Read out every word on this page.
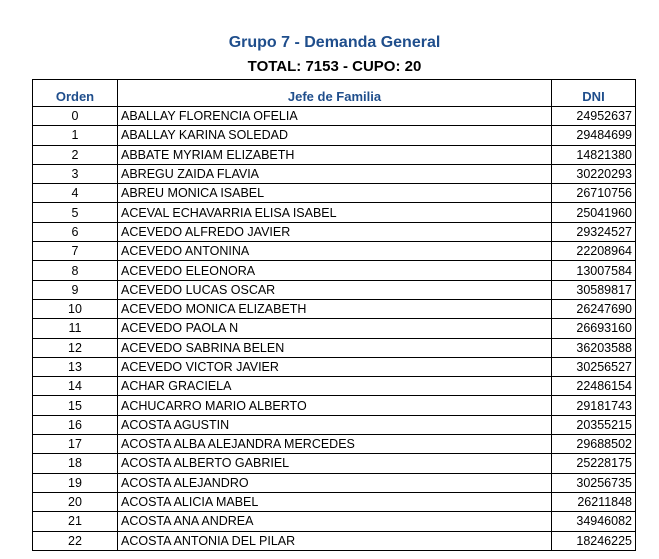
Grupo 7 - Demanda General
TOTAL: 7153 - CUPO: 20
Orden	Jefe de Familia	DNI
0	ABALLAY FLORENCIA OFELIA	24952637
1	ABALLAY KARINA SOLEDAD	29484699
2	ABBATE MYRIAM ELIZABETH	14821380
3	ABREGU ZAIDA FLAVIA	30220293
4	ABREU MONICA ISABEL	26710756
5	ACEVAL ECHAVARRIA ELISA ISABEL	25041960
6	ACEVEDO ALFREDO JAVIER	29324527
7	ACEVEDO ANTONINA	22208964
8	ACEVEDO ELEONORA	13007584
9	ACEVEDO LUCAS OSCAR	30589817
10	ACEVEDO MONICA ELIZABETH	26247690
11	ACEVEDO PAOLA N	26693160
12	ACEVEDO SABRINA BELEN	36203588
13	ACEVEDO VICTOR JAVIER	30256527
14	ACHAR GRACIELA	22486154
15	ACHUCARRO MARIO ALBERTO	29181743
16	ACOSTA AGUSTIN	20355215
17	ACOSTA ALBA ALEJANDRA MERCEDES	29688502
18	ACOSTA ALBERTO GABRIEL	25228175
19	ACOSTA ALEJANDRO	30256735
20	ACOSTA ALICIA MABEL	26211848
21	ACOSTA ANA ANDREA	34946082
22	ACOSTA ANTONIA DEL PILAR	18246225
